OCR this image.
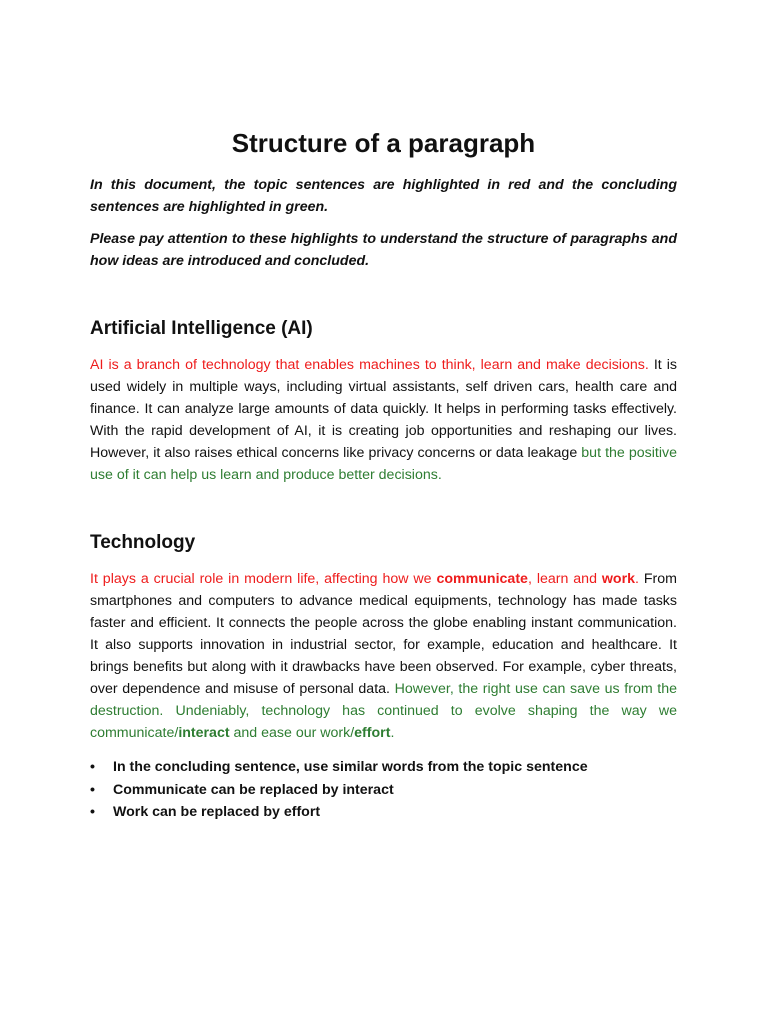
Structure of a paragraph

In this document, the topic sentences are highlighted in red and the concluding sentences are highlighted in green.

Please pay attention to these highlights to understand the structure of paragraphs and how ideas are introduced and concluded.

Artificial Intelligence (AI)

AI is a branch of technology that enables machines to think, learn and make decisions. It is used widely in multiple ways, including virtual assistants, self driven cars, health care and finance. It can analyze large amounts of data quickly. It helps in performing tasks effectively. With the rapid development of AI, it is creating job opportunities and reshaping our lives. However, it also raises ethical concerns like privacy concerns or data leakage but the positive use of it can help us learn and produce better decisions.

Technology

It plays a crucial role in modern life, affecting how we communicate, learn and work. From smartphones and computers to advance medical equipments, technology has made tasks faster and efficient. It connects the people across the globe enabling instant communication. It also supports innovation in industrial sector, for example, education and healthcare. It brings benefits but along with it drawbacks have been observed. For example, cyber threats, over dependence and misuse of personal data. However, the right use can save us from the destruction. Undeniably, technology has continued to evolve shaping the way we communicate/interact and ease our work/effort.

• In the concluding sentence, use similar words from the topic sentence
• Communicate can be replaced by interact
• Work can be replaced by effort
